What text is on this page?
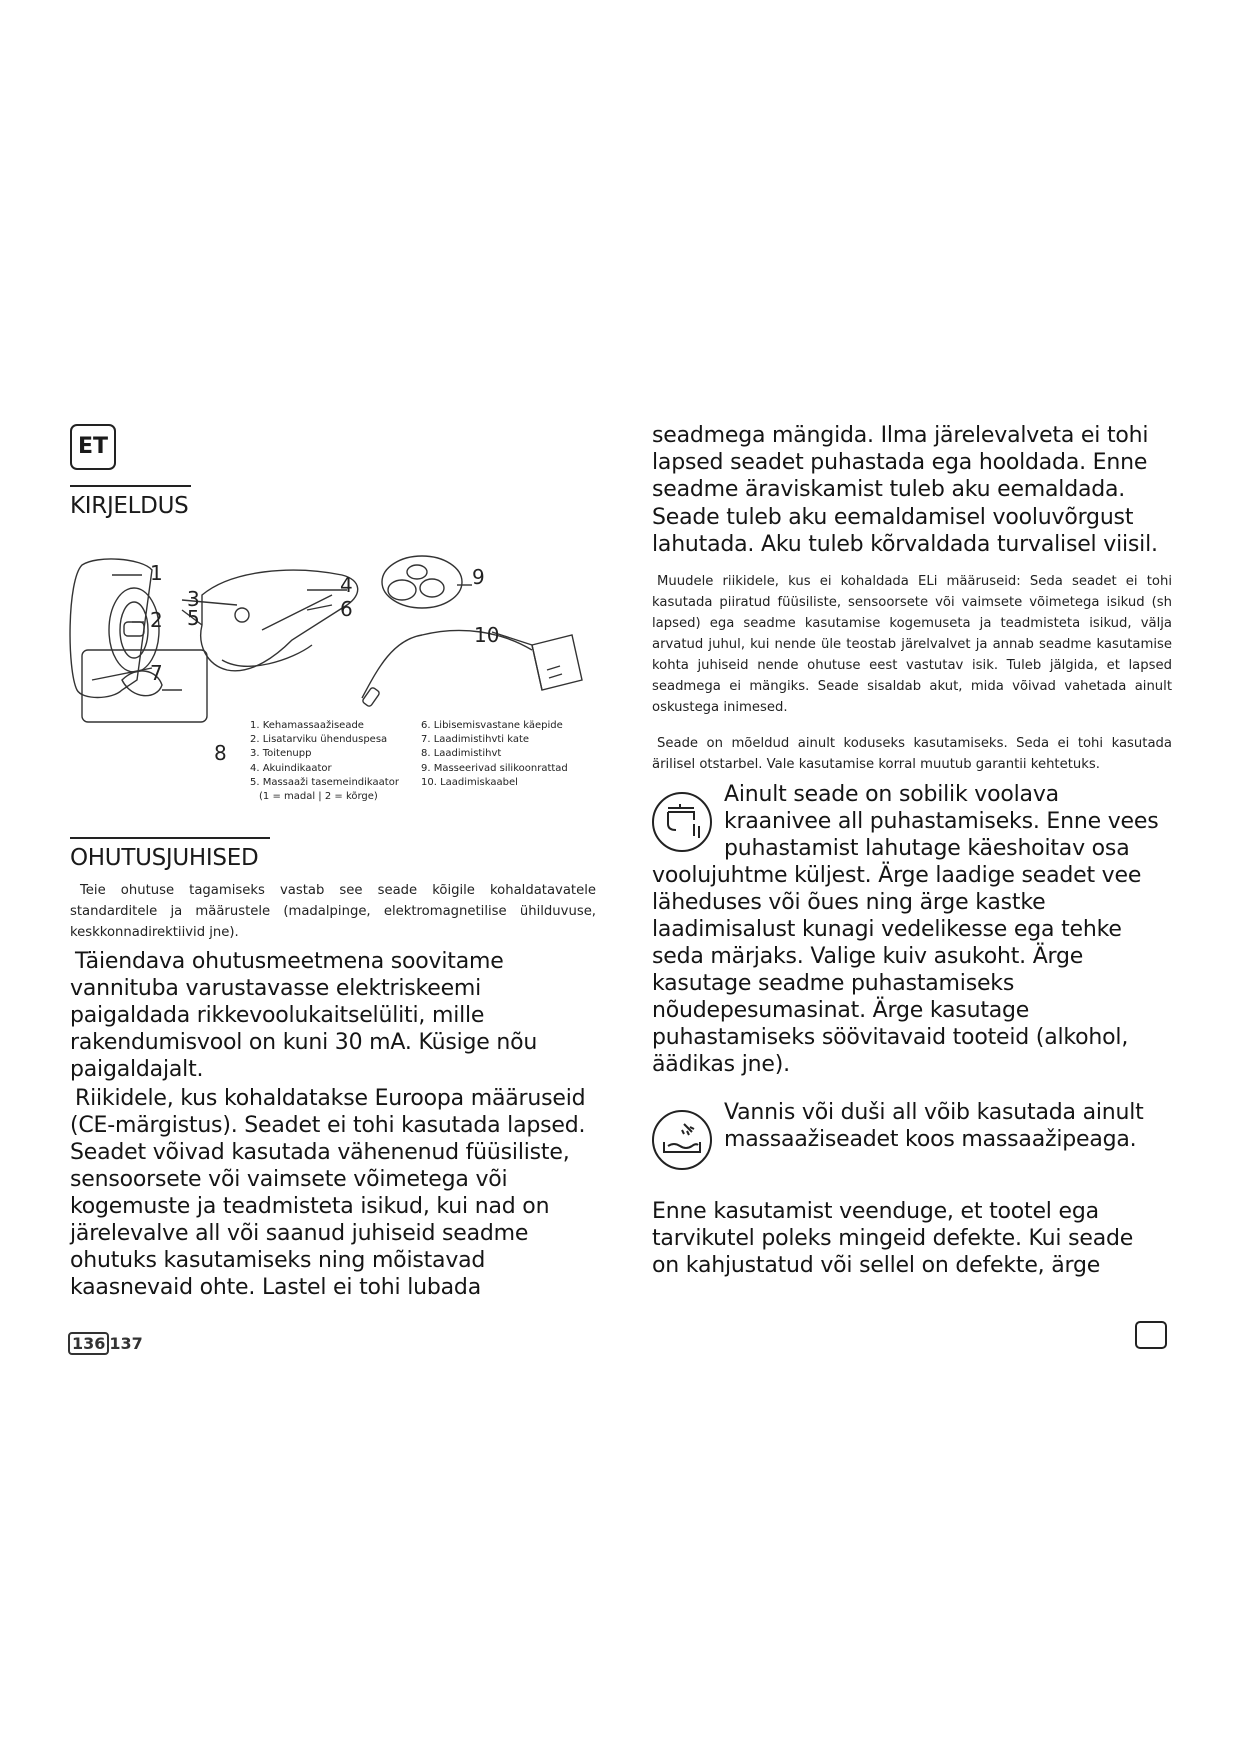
ET
KIRJELDUS
1
2
3
4
5	6
7
8
9
10
1. Kehamassaažiseade
2. Lisatarviku ühenduspesa
3. Toitenupp
4. Akuindikaator
5. Massaaži tasemeindikaator
(1 = madal | 2 = kõrge)
6. Libisemisvastane käepide
7. Laadimistihvti kate
8. Laadimistihvt
9. Masseerivad silikoonrattad
10. Laadimiskaabel
OHUTUSJUHISED
Teie ohutuse tagamiseks vastab see seade kõigile kohaldatavatele standarditele ja määrustele (madalpinge, elektromagnetilise ühilduvuse, keskkonnadirektiivid jne).
Täiendava ohutusmeetmena soovitame vannituba varustavasse elektriskeemi paigaldada rikkevoolukaitselüliti, mille rakendumisvool on kuni 30 mA. Küsige nõu paigaldajalt.
Riikidele, kus kohaldatakse Euroopa määruseid (CE-märgistus). Seadet ei tohi kasutada lapsed. Seadet võivad kasutada vähenenud füüsiliste, sensoorsete või vaimsete võimetega või kogemuste ja teadmisteta isikud, kui nad on järelevalve all või saanud juhiseid seadme ohutuks kasutamiseks ning mõistavad kaasnevaid ohte. Lastel ei tohi lubada
seadmega mängida. Ilma järelevalveta ei tohi lapsed seadet puhastada ega hooldada. Enne seadme äraviskamist tuleb aku eemaldada.
Seade tuleb aku eemaldamisel vooluvõrgust lahutada. Aku tuleb kõrvaldada turvalisel viisil.
Muudele riikidele, kus ei kohaldada ELi määruseid: Seda seadet ei tohi kasutada piiratud füüsiliste, sensoorsete või vaimsete võimetega isikud (sh lapsed) ega seadme kasutamise kogemuseta ja teadmisteta isikud, välja arvatud juhul, kui nende üle teostab järelvalvet ja annab seadme kasutamise kohta juhiseid nende ohutuse eest vastutav isik. Tuleb jälgida, et lapsed seadmega ei mängiks. Seade sisaldab akut, mida võivad vahetada ainult oskustega inimesed.
Seade on mõeldud ainult koduseks kasutamiseks. Seda ei tohi kasutada ärilisel otstarbel. Vale kasutamise korral muutub garantii kehtetuks.
Ainult seade on sobilik voolava
kraanivee all puhastamiseks. Enne vees
puhastamist lahutage käeshoitav osa
voolujuhtme küljest. Ärge laadige seadet vee läheduses või õues ning ärge kastke laadimisalust kunagi vedelikesse ega tehke seda märjaks. Valige kuiv asukoht. Ärge kasutage seadme puhastamiseks nõudepesumasinat. Ärge kasutage puhastamiseks söövitavaid tooteid (alkohol, äädikas jne).
Vannis või duši all võib kasutada ainult massaažiseadet koos massaažipeaga.
Enne kasutamist veenduge, et tootel ega tarvikutel poleks mingeid defekte. Kui seade on kahjustatud või sellel on defekte, ärge
136 137
